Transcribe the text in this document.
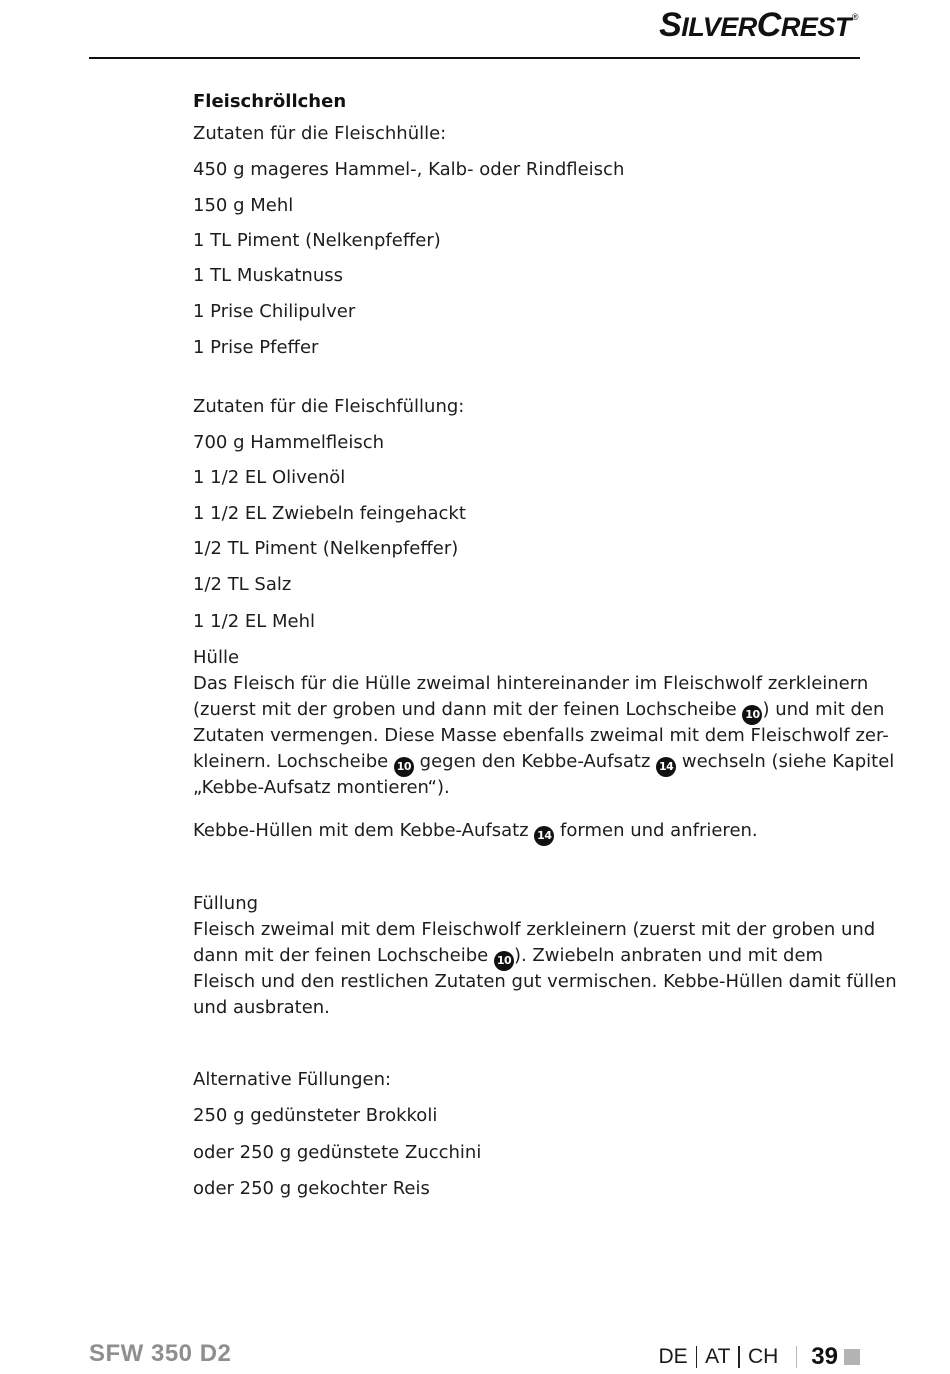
SILVERCREST®
Fleischröllchen
Zutaten für die Fleischhülle:
450 g mageres Hammel-, Kalb- oder Rindfleisch
150 g Mehl
1 TL Piment (Nelkenpfeffer)
1 TL Muskatnuss
1 Prise Chilipulver
1 Prise Pfeffer
Zutaten für die Fleischfüllung:
700 g Hammelfleisch
1 1/2 EL Olivenöl
1 1/2 EL Zwiebeln feingehackt
1/2 TL Piment (Nelkenpfeffer)
1/2 TL Salz
1 1/2 EL Mehl
Hülle
Das Fleisch für die Hülle zweimal hintereinander im Fleischwolf zerkleinern
(zuerst mit der groben und dann mit der feinen Lochscheibe 10 ) und mit den
Zutaten vermengen. Diese Masse ebenfalls zweimal mit dem Fleischwolf zer-
kleinern. Lochscheibe 10 gegen den Kebbe-Aufsatz 14 wechseln (siehe Kapitel
„Kebbe-Aufsatz montieren“).
Kebbe-Hüllen mit dem Kebbe-Aufsatz 14 formen und anfrieren.
Füllung
Fleisch zweimal mit dem Fleischwolf zerkleinern (zuerst mit der groben und
dann mit der feinen Lochscheibe 10 ). Zwiebeln anbraten und mit dem
Fleisch und den restlichen Zutaten gut vermischen. Kebbe-Hüllen damit füllen
und ausbraten.
Alternative Füllungen:
250 g gedünsteter Brokkoli
oder 250 g gedünstete Zucchini
oder 250 g gekochter Reis
SFW 350 D2	DE AT CH 39
